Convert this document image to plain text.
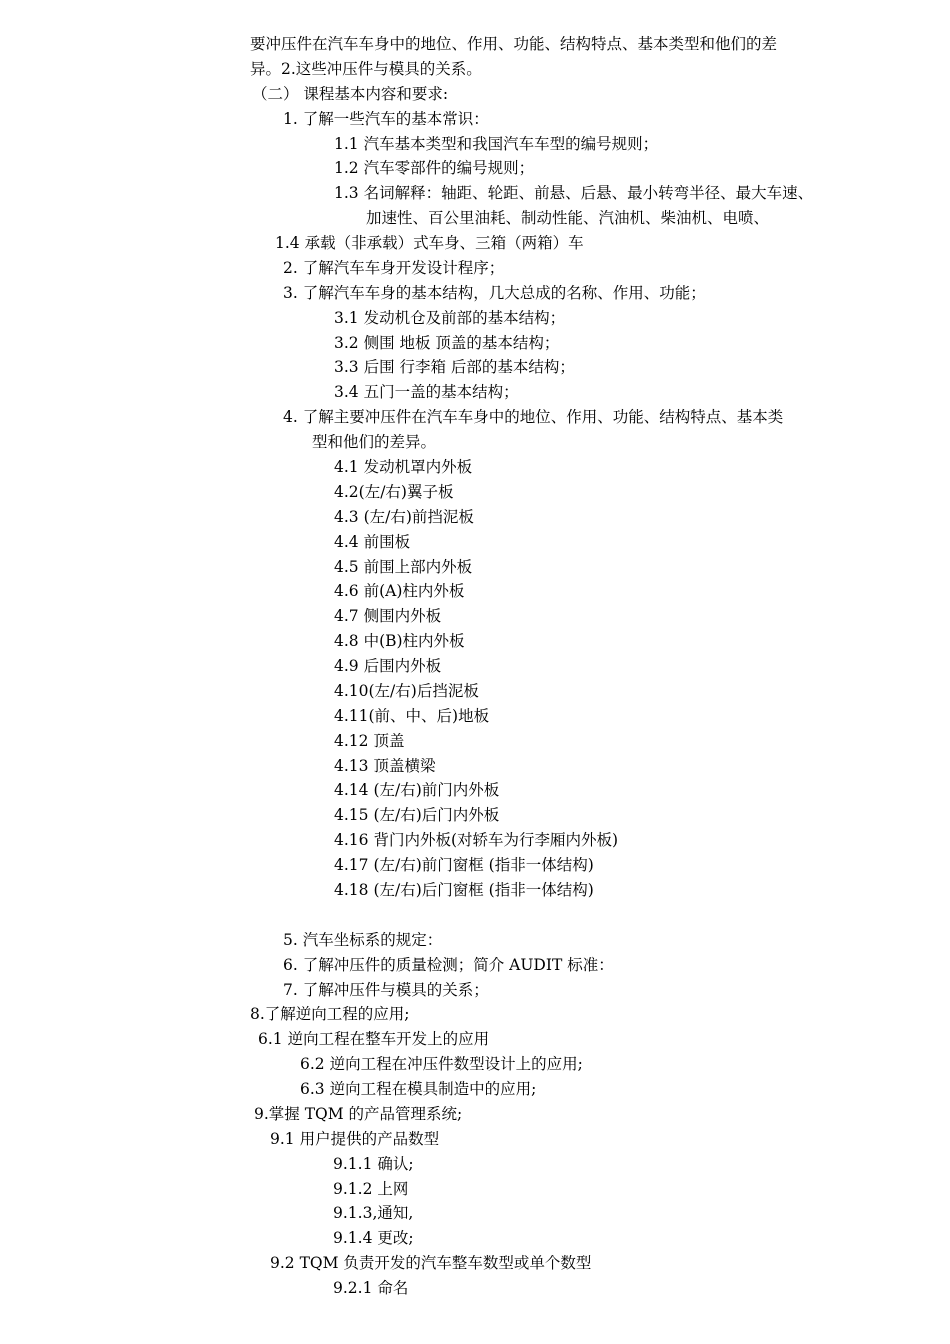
要冲压件在汽车车身中的地位、作用、功能、结构特点、基本类型和他们的差
异。2.这些冲压件与模具的关系。
（二） 课程基本内容和要求:
1. 了解一些汽车的基本常识：
1.1 汽车基本类型和我国汽车车型的编号规则；
1.2 汽车零部件的编号规则；
1.3 名词解释：轴距、轮距、前悬、后悬、最小转弯半径、最大车速、
加速性、百公里油耗、制动性能、汽油机、柴油机、电喷、
1.4 承载（非承载）式车身、三箱（两箱）车
2. 了解汽车车身开发设计程序；
3. 了解汽车车身的基本结构，几大总成的名称、作用、功能；
3.1 发动机仓及前部的基本结构；
3.2 侧围 地板 顶盖的基本结构；
3.3 后围 行李箱 后部的基本结构；
3.4 五门一盖的基本结构；
4. 了解主要冲压件在汽车车身中的地位、作用、功能、结构特点、基本类
型和他们的差异。
4.1 发动机罩内外板
4.2(左/右)翼子板
4.3 (左/右)前挡泥板
4.4 前围板
4.5 前围上部内外板
4.6 前(A)柱内外板
4.7 侧围内外板
4.8 中(B)柱内外板
4.9 后围内外板
4.10(左/右)后挡泥板
4.11(前、中、后)地板
4.12 顶盖
4.13 顶盖横梁
4.14 (左/右)前门内外板
4.15 (左/右)后门内外板
4.16 背门内外板(对轿车为行李厢内外板)
4.17 (左/右)前门窗框 (指非一体结构)
4.18 (左/右)后门窗框 (指非一体结构)
5. 汽车坐标系的规定：
6. 了解冲压件的质量检测；简介 AUDIT 标准：
7. 了解冲压件与模具的关系；
8.了解逆向工程的应用;
6.1 逆向工程在整车开发上的应用
6.2 逆向工程在冲压件数型设计上的应用;
6.3 逆向工程在模具制造中的应用;
9.掌握 TQM 的产品管理系统;
9.1 用户提供的产品数型
9.1.1 确认;
9.1.2 上网
9.1.3,通知,
9.1.4 更改;
9.2 TQM 负责开发的汽车整车数型或单个数型
9.2.1 命名
